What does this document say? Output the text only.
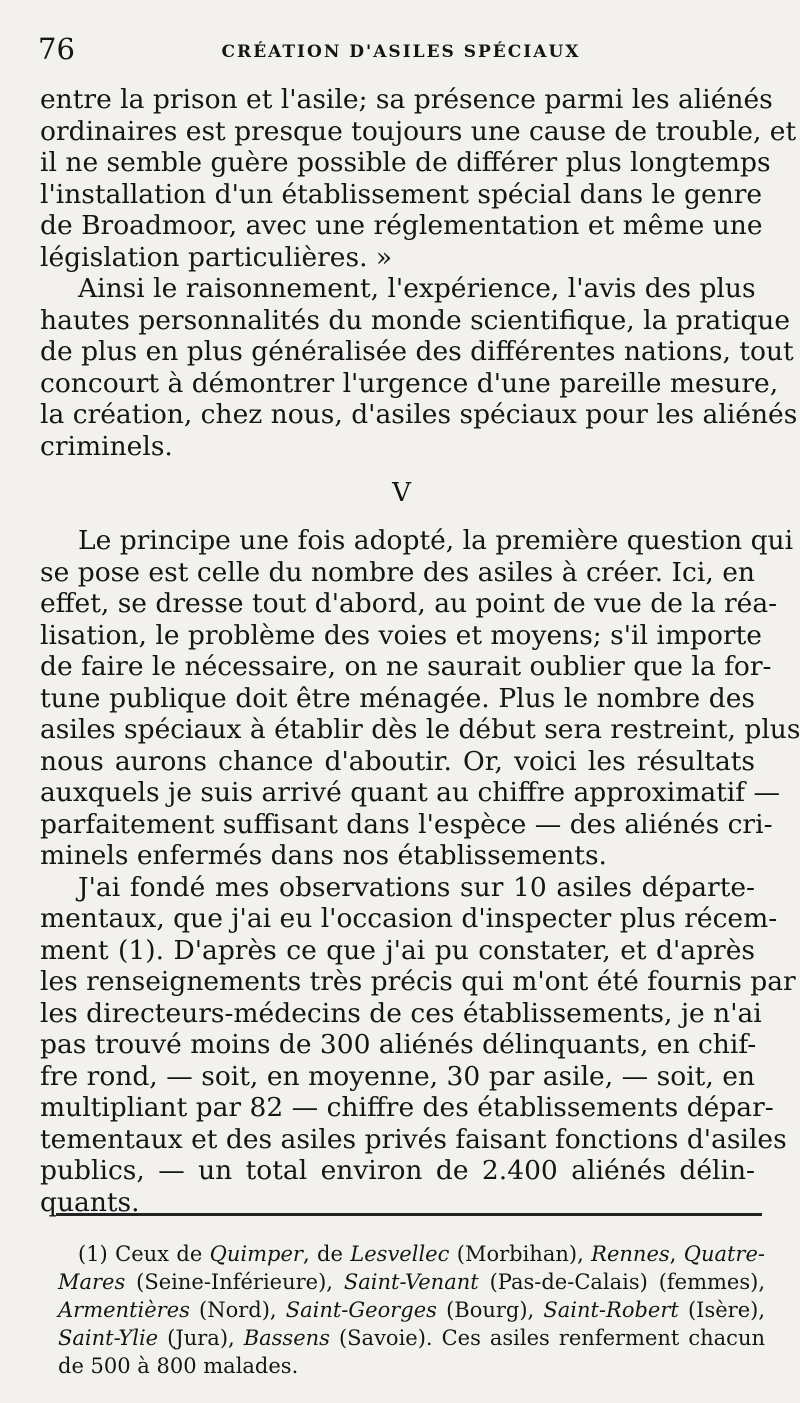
76	CRÉATION D'ASILES SPÉCIAUX
entre la prison et l'asile; sa présence parmi les aliénés
ordinaires est presque toujours une cause de trouble, et
il ne semble guère possible de différer plus longtemps
l'installation d'un établissement spécial dans le genre
de Broadmoor, avec une réglementation et même une
législation particulières. »
Ainsi le raisonnement, l'expérience, l'avis des plus
hautes personnalités du monde scientifique, la pratique
de plus en plus généralisée des différentes nations, tout
concourt à démontrer l'urgence d'une pareille mesure,
la création, chez nous, d'asiles spéciaux pour les aliénés
criminels.
V
Le principe une fois adopté, la première question qui
se pose est celle du nombre des asiles à créer. Ici, en
effet, se dresse tout d'abord, au point de vue de la réa-
lisation, le problème des voies et moyens; s'il importe
de faire le nécessaire, on ne saurait oublier que la for-
tune publique doit être ménagée. Plus le nombre des
asiles spéciaux à établir dès le début sera restreint, plus
nous aurons chance d'aboutir. Or, voici les résultats
auxquels je suis arrivé quant au chiffre approximatif —
parfaitement suffisant dans l'espèce — des aliénés cri-
minels enfermés dans nos établissements.
J'ai fondé mes observations sur 10 asiles départe-
mentaux, que j'ai eu l'occasion d'inspecter plus récem-
ment (1). D'après ce que j'ai pu constater, et d'après
les renseignements très précis qui m'ont été fournis par
les directeurs-médecins de ces établissements, je n'ai
pas trouvé moins de 300 aliénés délinquants, en chif-
fre rond, — soit, en moyenne, 30 par asile, — soit, en
multipliant par 82 — chiffre des établissements dépar-
tementaux et des asiles privés faisant fonctions d'asiles
publics, — un total environ de 2.400 aliénés délin-
quants.
(1) Ceux de Quimper, de Lesvellec (Morbihan), Rennes, Quatre-
Mares (Seine-Inférieure), Saint-Venant (Pas-de-Calais) (femmes),
Armentières (Nord), Saint-Georges (Bourg), Saint-Robert (Isère),
Saint-Ylie (Jura), Bassens (Savoie). Ces asiles renferment chacun
de 500 à 800 malades.
